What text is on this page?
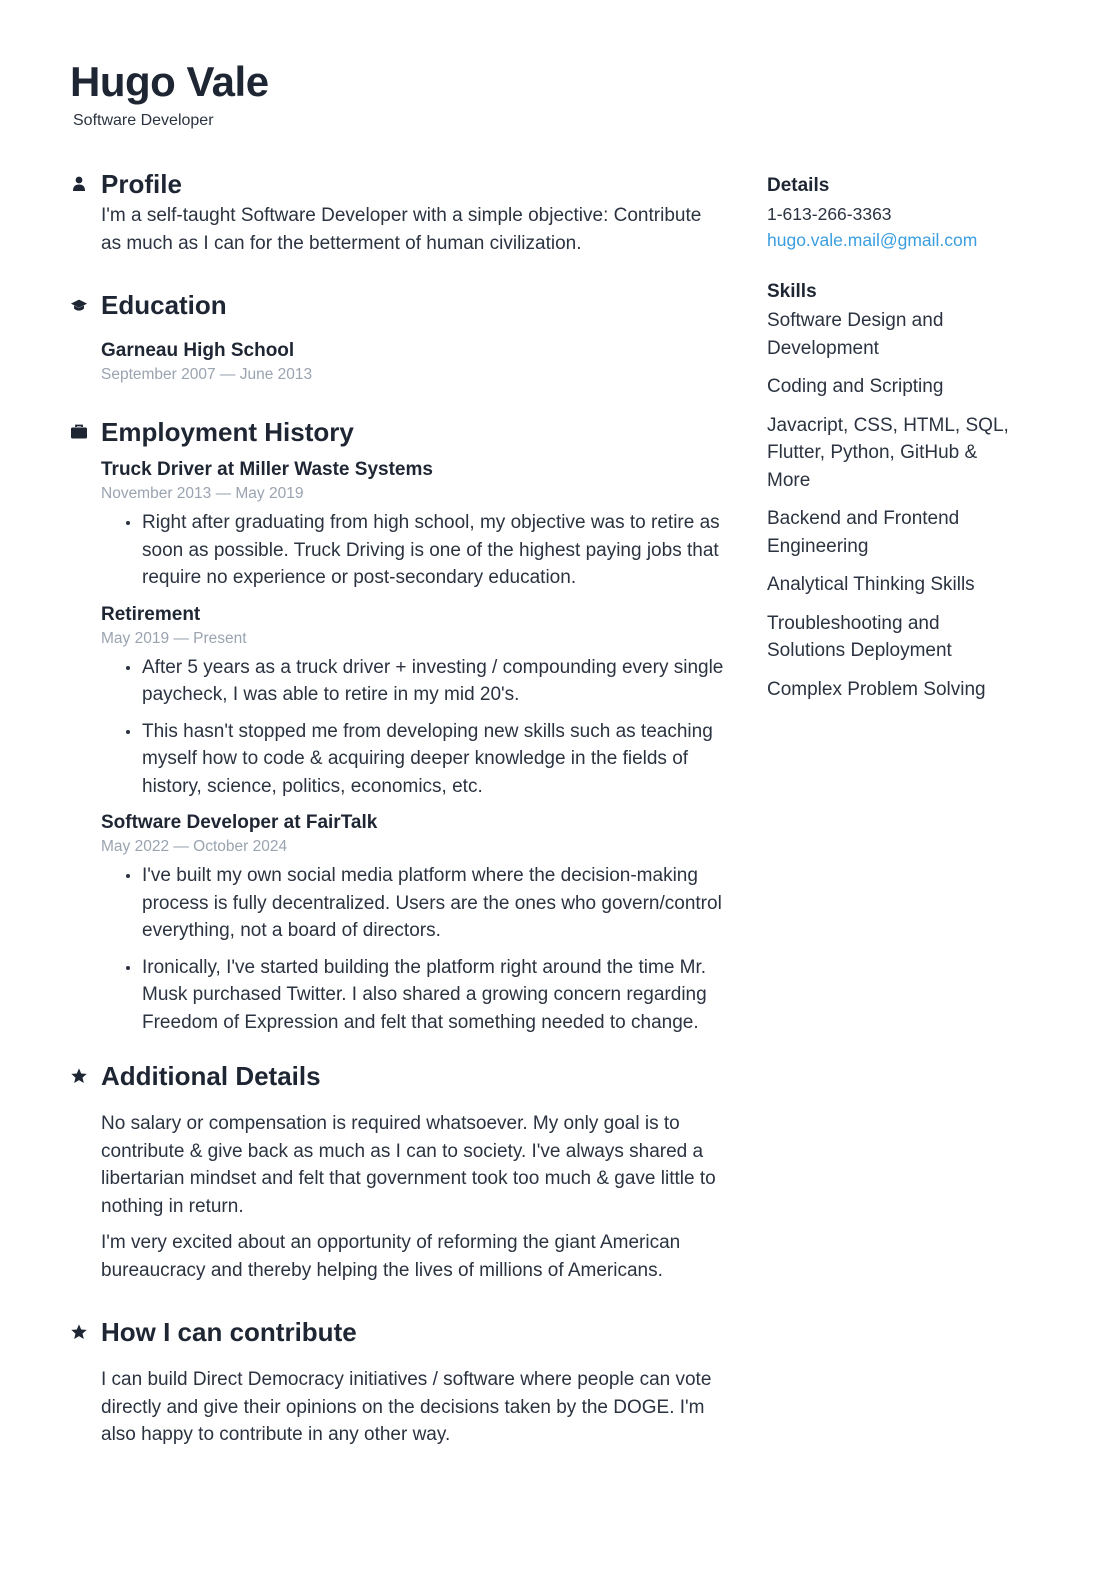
Hugo Vale
Software Developer
Profile

I'm a self-taught Software Developer with a simple objective: Contribute as much as I can for the betterment of human civilization.

Education

Garneau High School

September 2007 — June 2013

Employment History

Truck Driver at Miller Waste Systems

November 2013 — May 2019

Right after graduating from high school, my objective was to retire as soon as possible. Truck Driving is one of the highest paying jobs that require no experience or post-secondary education.

Retirement

May 2019 — Present

After 5 years as a truck driver + investing / compounding every single paycheck, I was able to retire in my mid 20's.
This hasn't stopped me from developing new skills such as teaching myself how to code & acquiring deeper knowledge in the fields of history, science, politics, economics, etc.

Software Developer at FairTalk

May 2022 — October 2024

I've built my own social media platform where the decision-making process is fully decentralized. Users are the ones who govern/control everything, not a board of directors.
Ironically, I've started building the platform right around the time Mr. Musk purchased Twitter. I also shared a growing concern regarding Freedom of Expression and felt that something needed to change.
Additional Details

No salary or compensation is required whatsoever. My only goal is to contribute & give back as much as I can to society. I've always shared a libertarian mindset and felt that government took too much & gave little to nothing in return.

I'm very excited about an opportunity of reforming the giant American bureaucracy and thereby helping the lives of millions of Americans.

How I can contribute

I can build Direct Democracy initiatives / software where people can vote directly and give their opinions on the decisions taken by the DOGE. I'm also happy to contribute in any other way.

Details

1-613-266-3363

hugo.vale.mail@gmail.com

Skills

Software Design and Development

Coding and Scripting

Javacript, CSS, HTML, SQL, Flutter, Python, GitHub & More

Backend and Frontend Engineering

Analytical Thinking Skills

Troubleshooting and Solutions Deployment

Complex Problem Solving
